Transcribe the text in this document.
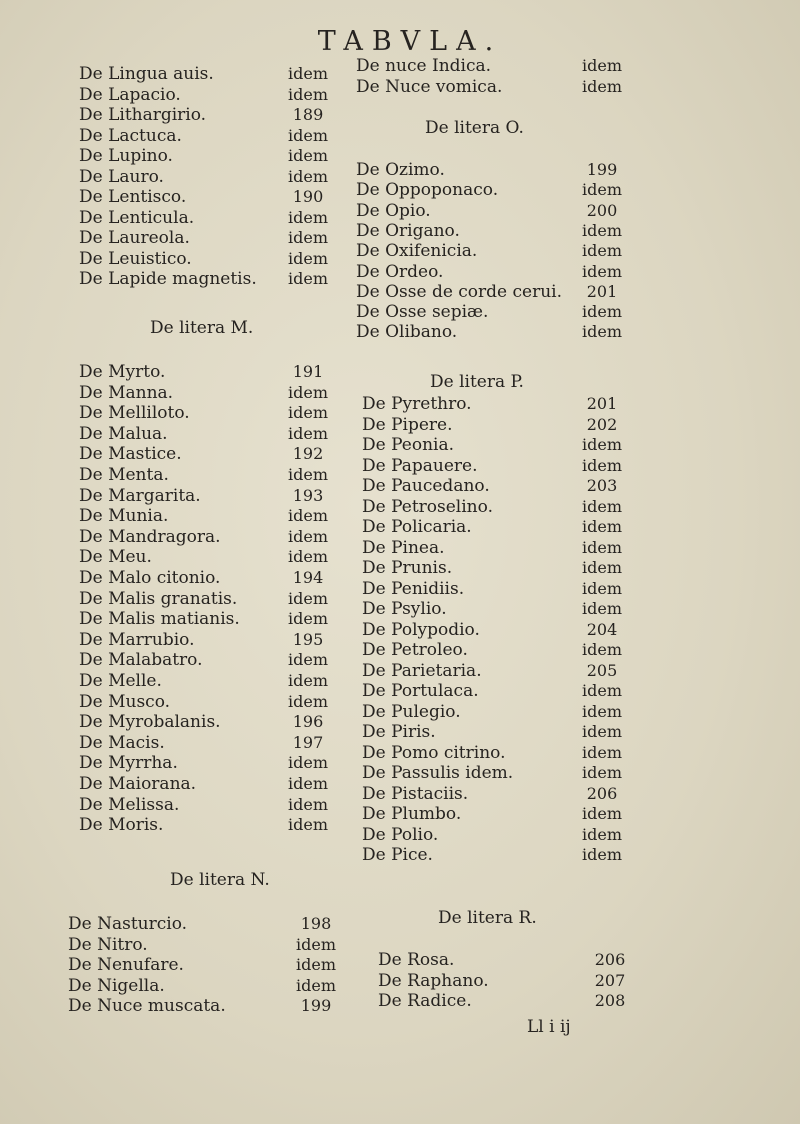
TABVLA.
De Lingua auis.	idem
De Lapacio.	idem
De Lithargirio.	189
De Lactuca.	idem
De Lupino.	idem
De Lauro.	idem
De Lentisco.	190
De Lenticula.	idem
De Laureola.	idem
De Leuistico.	idem
De Lapide magnetis.	idem
De litera M.
De Myrto.	191
De Manna.	idem
De Melliloto.	idem
De Malua.	idem
De Mastice.	192
De Menta.	idem
De Margarita.	193
De Munia.	idem
De Mandragora.	idem
De Meu.	idem
De Malo citonio.	194
De Malis granatis.	idem
De Malis matianis.	idem
De Marrubio.	195
De Malabatro.	idem
De Melle.	idem
De Musco.	idem
De Myrobalanis.	196
De Macis.	197
De Myrrha.	idem
De Maiorana.	idem
De Melissa.	idem
De Moris.	idem
De litera N.
De Nasturcio.	198
De Nitro.	idem
De Nenufare.	idem
De Nigella.	idem
De Nuce muscata.	199
De nuce Indica.	idem
De Nuce vomica.	idem
De litera O.
De Ozimo.	199
De Oppoponaco.	idem
De Opio.	200
De Origano.	idem
De Oxifenicia.	idem
De Ordeo.	idem
De Osse de corde cerui.	201
De Osse sepiæ.	idem
De Olibano.	idem
De litera P.
De Pyrethro.	201
De Pipere.	202
De Peonia.	idem
De Papauere.	idem
De Paucedano.	203
De Petroselino.	idem
De Policaria.	idem
De Pinea.	idem
De Prunis.	idem
De Penidiis.	idem
De Psylio.	idem
De Polypodio.	204
De Petroleo.	idem
De Parietaria.	205
De Portulaca.	idem
De Pulegio.	idem
De Piris.	idem
De Pomo citrino.	idem
De Passulis idem.	idem
De Pistaciis.	206
De Plumbo.	idem
De Polio.	idem
De Pice.	idem
De litera R.
De Rosa.	206
De Raphano.	207
De Radice.	208
Ll i ij
